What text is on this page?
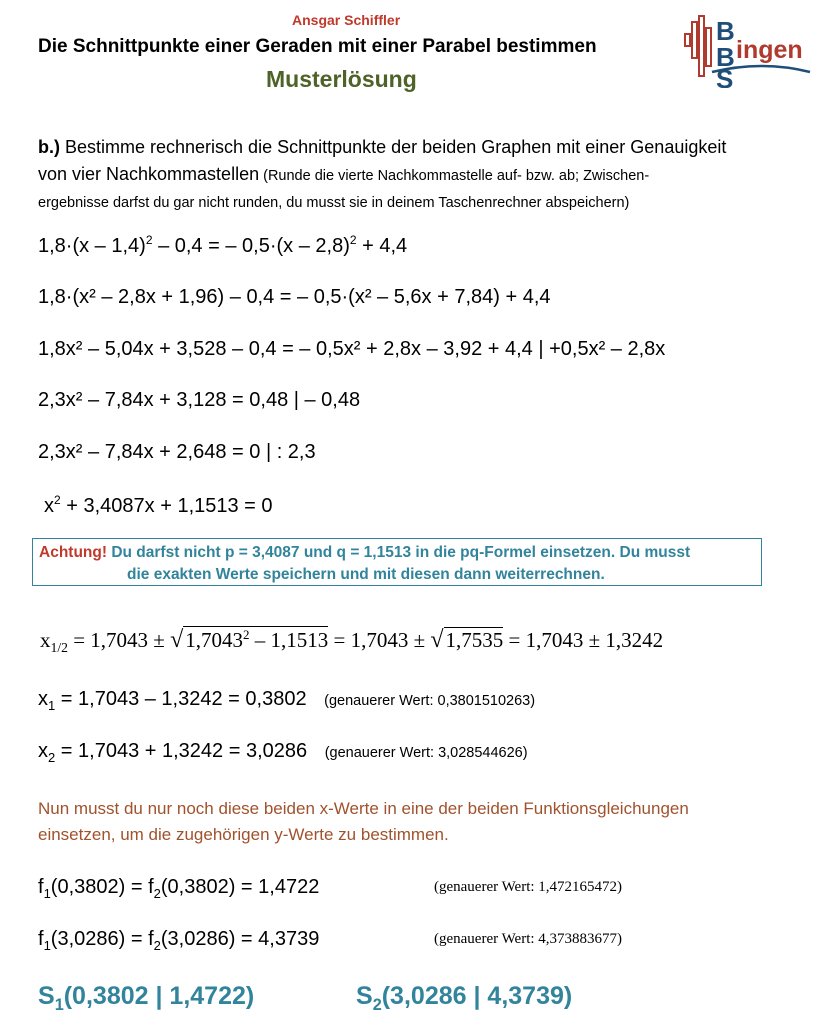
Ansgar Schiffler
Die Schnittpunkte einer Geraden mit einer Parabel bestimmen
Musterlösung
B
B
S
ingen
b.) Bestimme rechnerisch die Schnittpunkte der beiden Graphen mit einer Genauigkeit
von vier Nachkommastellen (Runde die vierte Nachkommastelle auf- bzw. ab; Zwischen-
ergebnisse darfst du gar nicht runden, du musst sie in deinem Taschenrechner abspeichern)
1,8·(x – 1,4)$^2$ – 0,4 = – 0,5·(x – 2,8)$^2$ + 4,4
1,8·(x² – 2,8x + 1,96) – 0,4 = – 0,5·(x² – 5,6x + 7,84) + 4,4
1,8x² – 5,04x + 3,528 – 0,4 = – 0,5x² + 2,8x – 3,92 + 4,4 | +0,5x² – 2,8x
2,3x² – 7,84x + 3,128 = 0,48 | – 0,48
2,3x² – 7,84x + 2,648 = 0 | : 2,3
$x^2 + 3,4087x + 1,1513 = 0$
Achtung! Du darfst nicht p = 3,4087 und q = 1,1513 in die pq-Formel einsetzen. Du musst
die exakten Werte speichern und mit diesen dann weiterrechnen.
$x_{1/2} = 1,7043 \pm √1,7043^2 - 1,1513 = 1,7043 \pm √1,7535 = 1,7043 \pm 1,3242$
$x_1 = 1,7043 - 1,3242 = 0,3802$ (genauerer Wert: 0,3801510263)
$x_2 = 1,7043 + 1,3242 = 3,0286$ (genauerer Wert: 3,028544626)
Nun musst du nur noch diese beiden x-Werte in eine der beiden Funktionsgleichungen
einsetzen, um die zugehörigen y-Werte zu bestimmen.
$f_1(0,3802) = f_2(0,3802) = 1,4722$	(genauerer Wert: 1,472165472)
$f_1(3,0286) = f_2(3,0286) = 4,3739$	(genauerer Wert: 4,373883677)
$S_1(0,3802$ | 1,4722)	$S_2(3,0286$ | 4,3739)
